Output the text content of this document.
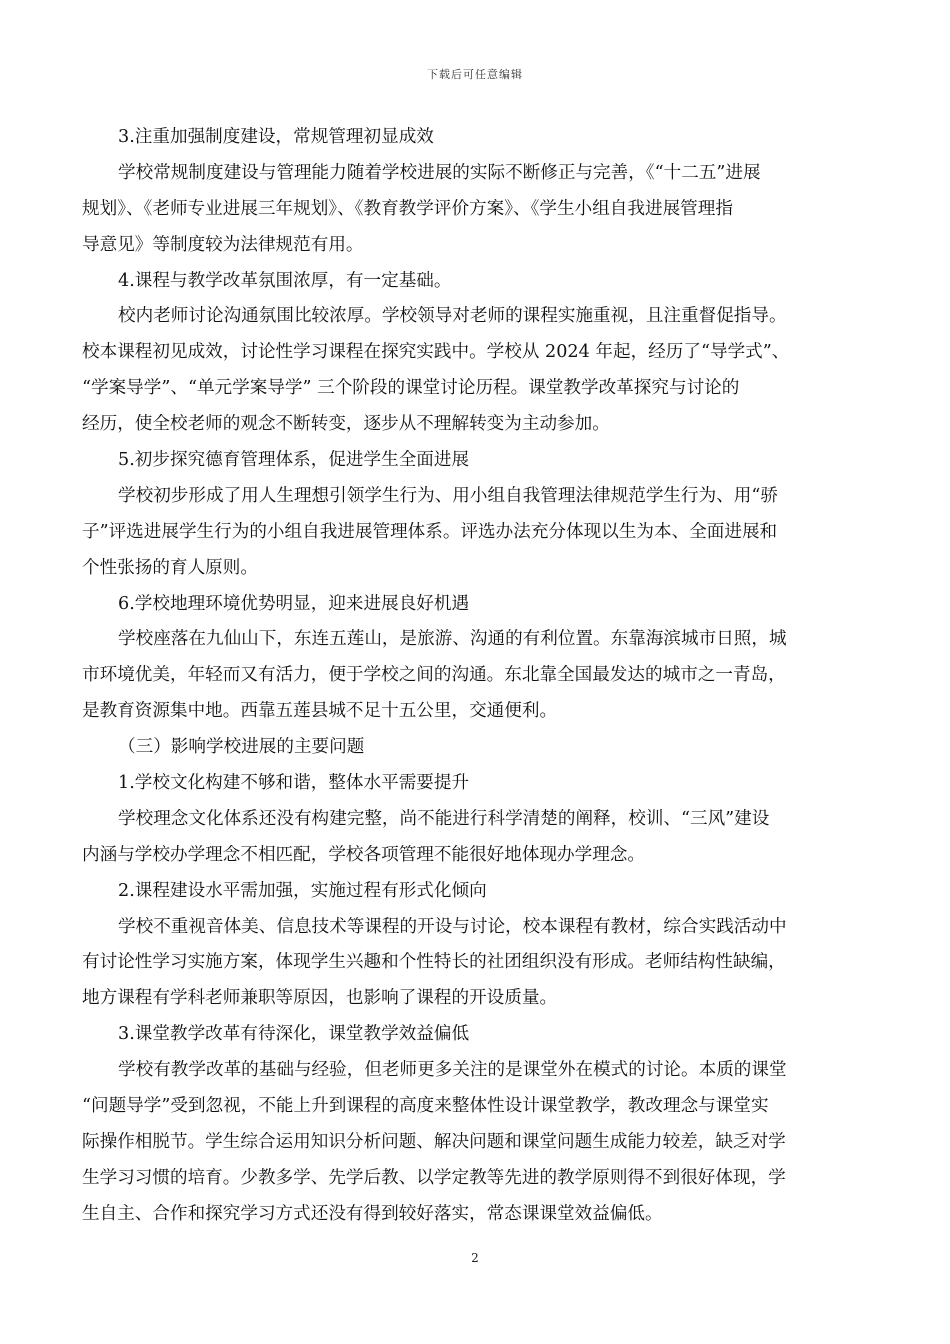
下载后可任意编辑
3.注重加强制度建设，常规管理初显成效
学校常规制度建设与管理能力随着学校进展的实际不断修正与完善，《“十二五”进展
规划》、《老师专业进展三年规划》、《教育教学评价方案》、《学生小组自我进展管理指
导意见》等制度较为法律规范有用。
4.课程与教学改革氛围浓厚，有一定基础。
校内老师讨论沟通氛围比较浓厚。学校领导对老师的课程实施重视，且注重督促指导。
校本课程初见成效，讨论性学习课程在探究实践中。学校从 2024 年起，经历了“导学式”、
“学案导学”、“单元学案导学” 三个阶段的课堂讨论历程。课堂教学改革探究与讨论的
经历，使全校老师的观念不断转变，逐步从不理解转变为主动参加。
5.初步探究德育管理体系，促进学生全面进展
学校初步形成了用人生理想引领学生行为、用小组自我管理法律规范学生行为、用“骄
子”评选进展学生行为的小组自我进展管理体系。评选办法充分体现以生为本、全面进展和
个性张扬的育人原则。
6.学校地理环境优势明显，迎来进展良好机遇
学校座落在九仙山下，东连五莲山，是旅游、沟通的有利位置。东靠海滨城市日照，城
市环境优美，年轻而又有活力，便于学校之间的沟通。东北靠全国最发达的城市之一青岛，
是教育资源集中地。西靠五莲县城不足十五公里，交通便利。
（三）影响学校进展的主要问题
1.学校文化构建不够和谐，整体水平需要提升
学校理念文化体系还没有构建完整，尚不能进行科学清楚的阐释，校训、“三风”建设
内涵与学校办学理念不相匹配，学校各项管理不能很好地体现办学理念。
2.课程建设水平需加强，实施过程有形式化倾向
学校不重视音体美、信息技术等课程的开设与讨论，校本课程有教材，综合实践活动中
有讨论性学习实施方案，体现学生兴趣和个性特长的社团组织没有形成。老师结构性缺编，
地方课程有学科老师兼职等原因，也影响了课程的开设质量。
3.课堂教学改革有待深化，课堂教学效益偏低
学校有教学改革的基础与经验，但老师更多关注的是课堂外在模式的讨论。本质的课堂
“问题导学”受到忽视，不能上升到课程的高度来整体性设计课堂教学，教改理念与课堂实
际操作相脱节。学生综合运用知识分析问题、解决问题和课堂问题生成能力较差，缺乏对学
生学习习惯的培育。少教多学、先学后教、以学定教等先进的教学原则得不到很好体现，学
生自主、合作和探究学习方式还没有得到较好落实，常态课课堂效益偏低。
2
